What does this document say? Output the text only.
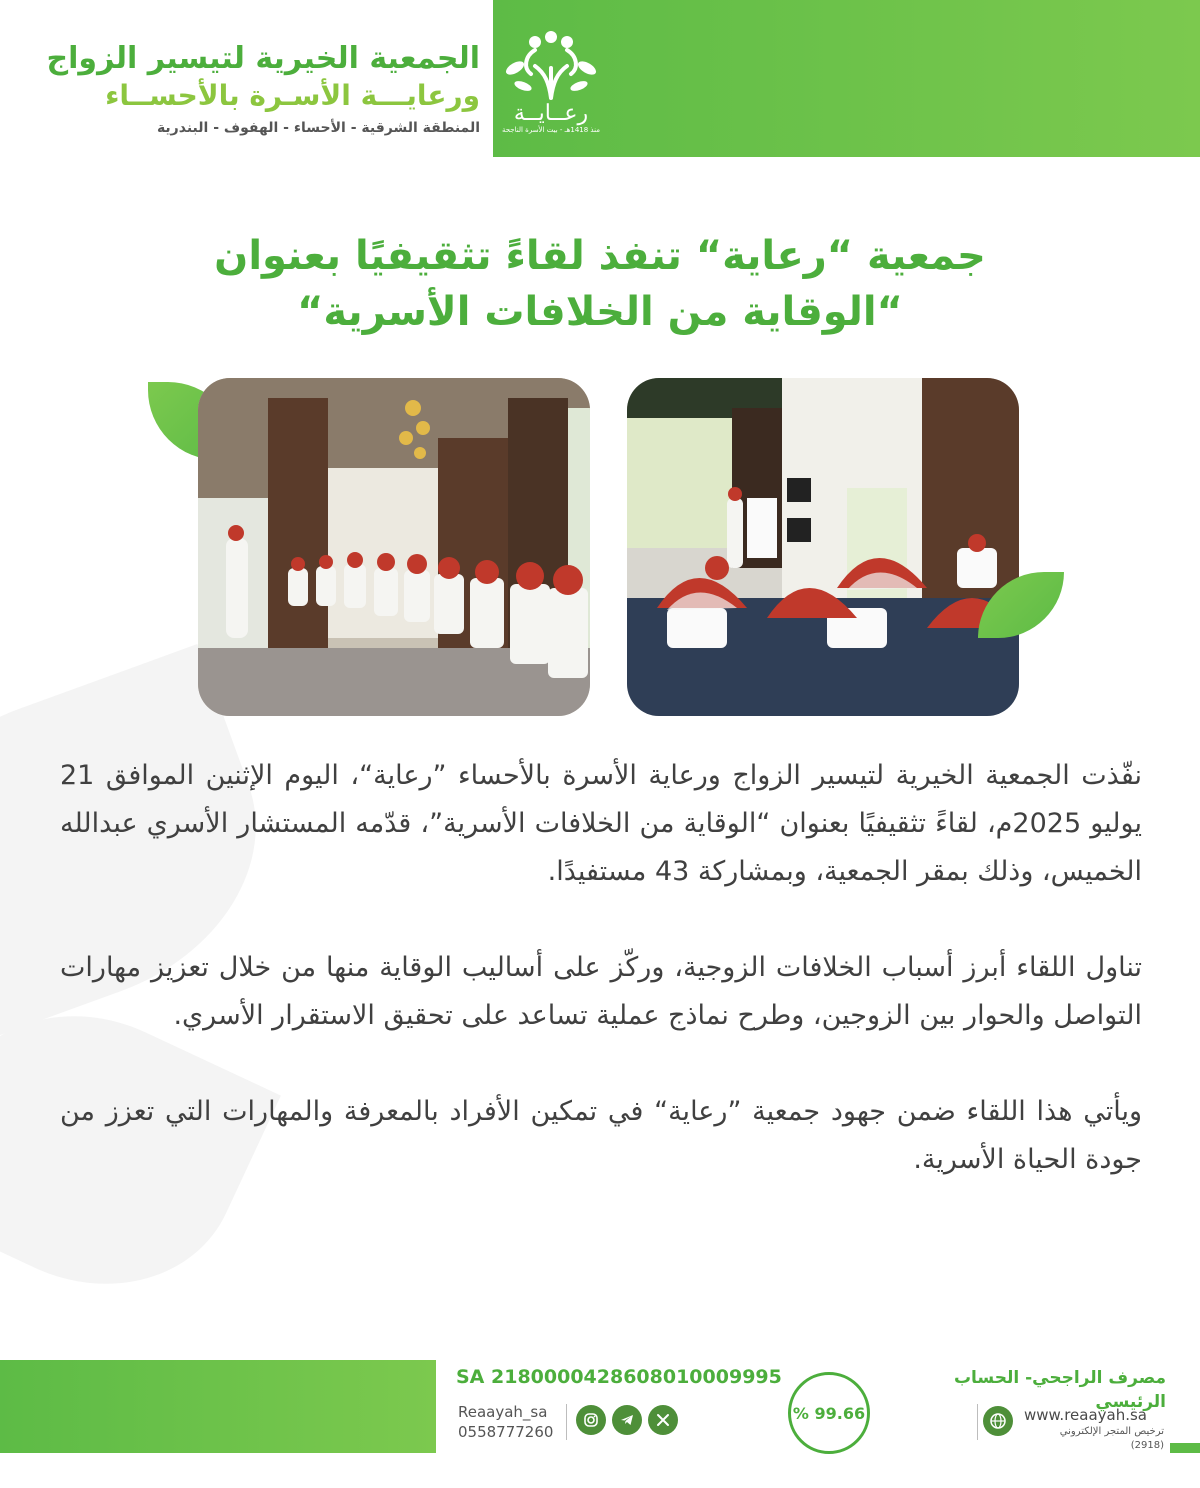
الجمعية الخيرية لتيسير الزواج
ورعايـــة الأسـرة بالأحســاء
المنطقة الشرقية - الأحساء - الهفوف - البندرية
رعــايــة
منذ 1418هـ - بيت الأسرة الناجحة
جمعية “رعاية“ تنفذ لقاءً تثقيفيًا بعنوان
“الوقاية من الخلافات الأسرية“

نفّذت الجمعية الخيرية لتيسير الزواج ورعاية الأسرة بالأحساء ”رعاية“، اليوم الإثنين الموافق 21 يوليو 2025م، لقاءً تثقيفيًا بعنوان “الوقاية من الخلافات الأسرية”، قدّمه المستشار الأسري عبدالله الخميس، وذلك بمقر الجمعية، وبمشاركة 43 مستفيدًا.

تناول اللقاء أبرز أسباب الخلافات الزوجية، وركّز على أساليب الوقاية منها من خلال تعزيز مهارات التواصل والحوار بين الزوجين، وطرح نماذج عملية تساعد على تحقيق الاستقرار الأسري.

ويأتي هذا اللقاء ضمن جهود جمعية ”رعاية“ في تمكين الأفراد بالمعرفة والمهارات التي تعزز من جودة الحياة الأسرية.

SA 2180000428608010009995
Reaayah_sa
0558777260
% 99.66
مصرف الراجحي- الحساب الرئيسي
www.reaayah.sa
ترخيص المتجر الإلكتروني (2918)
